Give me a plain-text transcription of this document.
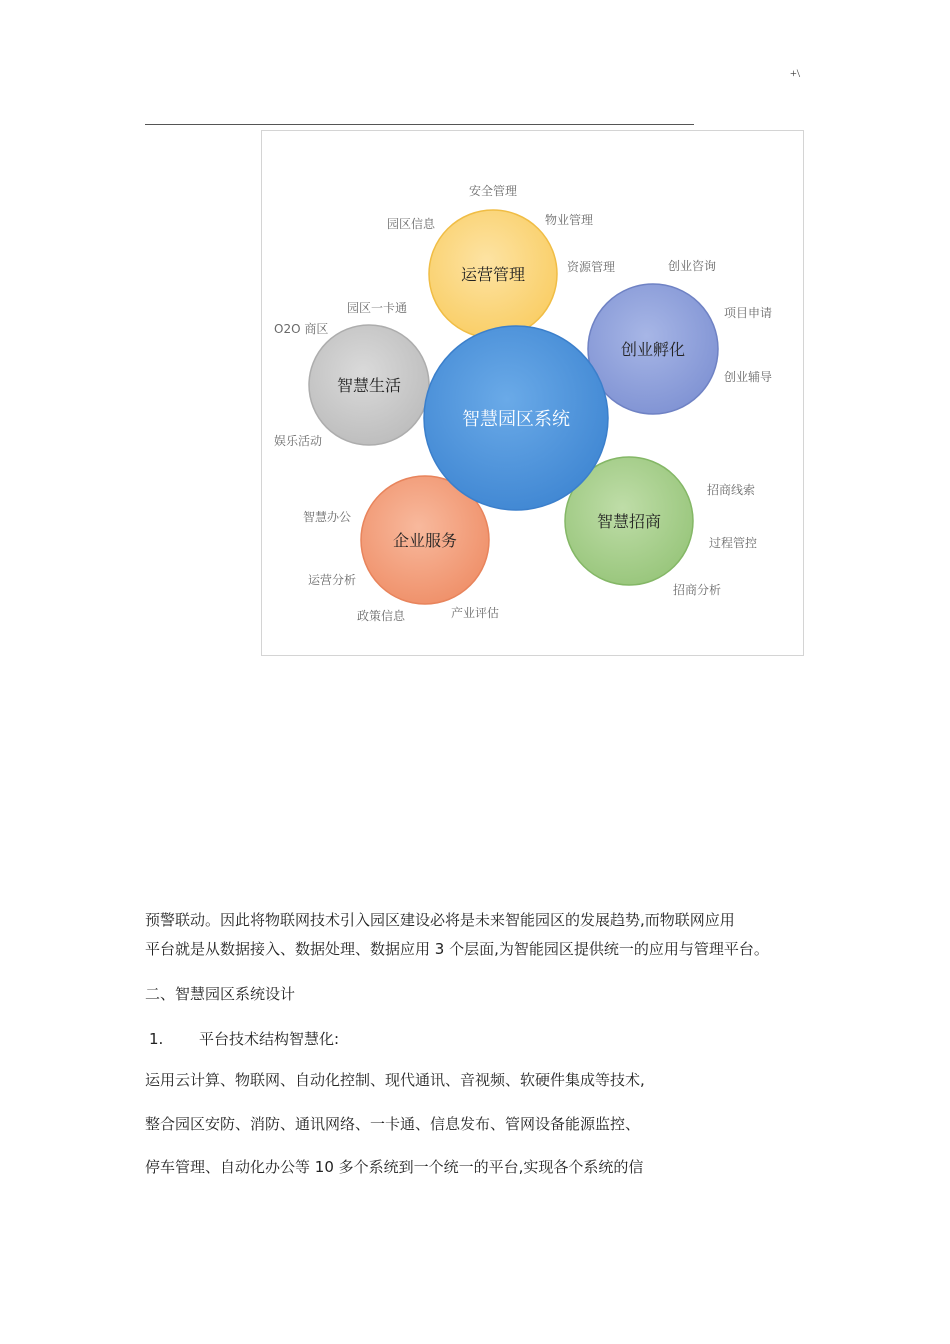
+\
智慧园区系统
运营管理
创业孵化
智慧招商
企业服务
智慧生活
安全管理
物业管理
园区信息
资源管理	创业咨询
项目申请
创业辅导
招商线索
过程管控
招商分析
智慧办公
运营分析
政策信息	产业评估
园区一卡通
O2O 商区
娱乐活动
预警联动。因此将物联网技术引入园区建设必将是未来智能园区的发展趋势,而物联网应用
平台就是从数据接入、数据处理、数据应用 3 个层面,为智能园区提供统一的应用与管理平台。
二、智慧园区系统设计
1. 平台技术结构智慧化:
运用云计算、物联网、自动化控制、现代通讯、音视频、软硬件集成等技术,
整合园区安防、消防、通讯网络、一卡通、信息发布、管网设备能源监控、
停车管理、自动化办公等 10 多个系统到一个统一的平台,实现各个系统的信
